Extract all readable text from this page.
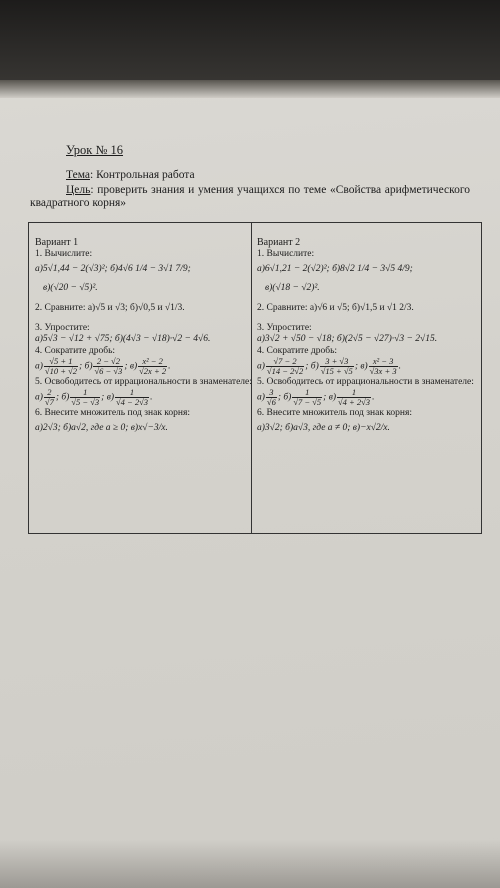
Урок № 16
Тема: Контрольная работа
Цель: проверить знания и умения учащихся по теме «Свойства арифметического квадратного корня»
Вариант 1
1. Вычислите:
а)5√1,44 − 2(√3)²; б)4√6 1/4 − 3√1 7/9;
в)(√20 − √5)².
2. Сравните: а)√5 и √3; б)√0,5 и √1/3.
3. Упростите:
а)5√3 − √12 + √75; б)(4√3 − √18)·√2 − 4√6.
4. Сократите дробь:
$а) \frac{√5 + 1}{√10 + √2}$ ; $б) \frac{2 - √2}{√6 - √3}$ ; $в) \frac{\text{x² − 2}}{√2x + 2}$ .
5. Освободитесь от иррациональности в знаменателе:
$а) \frac{2}{√7}$ ; $б) \frac{1}{√5 - √3}$ ; $в) \frac{1}{√4 - 2√3}$ .
6. Внесите множитель под знак корня:
а)2√3; б)a√2, где a ≥ 0; в)x√−3/x.
Вариант 2
1. Вычислите:
а)6√1,21 − 2(√2)²; б)8√2 1/4 − 3√5 4/9;
в)(√18 − √2)².
2. Сравните: а)√6 и √5; б)√1,5 и √1 2/3.
3. Упростите:
а)3√2 + √50 − √18; б)(2√5 − √27)·√3 − 2√15.
4. Сократите дробь:
$а) \frac{√7 - 2}{√14 - 2√2}$ ; $б) \frac{3 + √3}{√15 + √5}$ ; $в) \frac{\text{x² − 3}}{√3x + 3}$ .
5. Освободитесь от иррациональности в знаменателе:
$а) \frac{3}{√6}$ ; $б) \frac{1}{√7 - √5}$ ; $в) \frac{1}{√4 + 2√3}$ .
6. Внесите множитель под знак корня:
а)3√2; б)a√3, где a ≠ 0; в)−x√2/x.
